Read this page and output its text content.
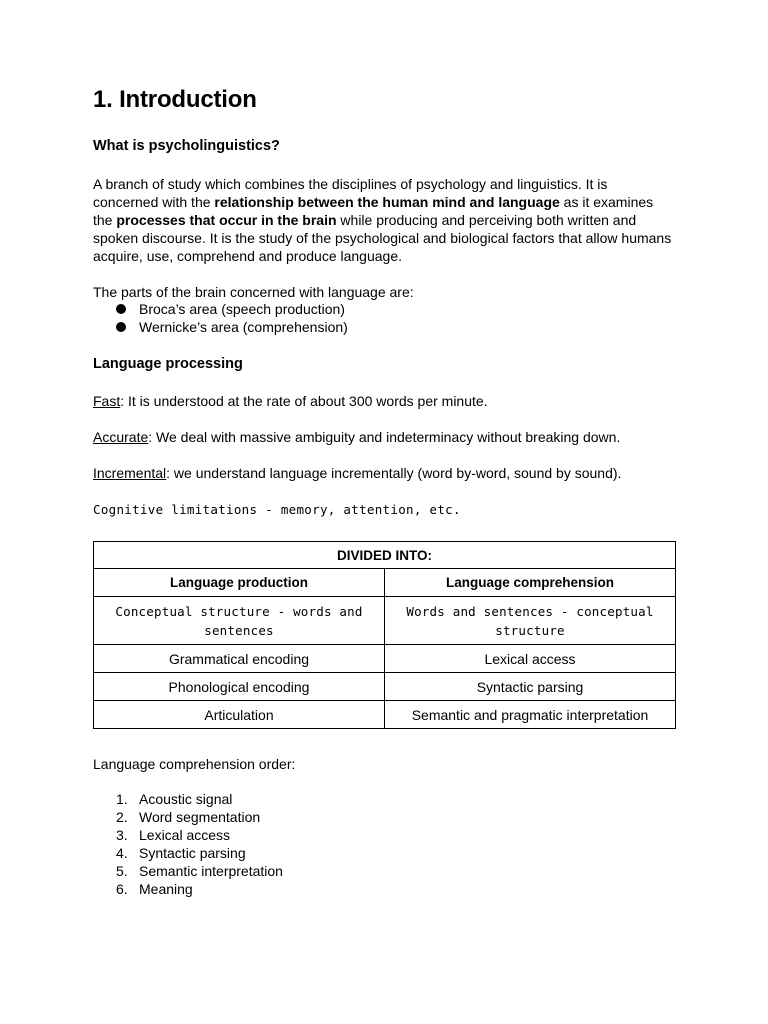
1. Introduction
What is psycholinguistics?

A branch of study which combines the disciplines of psychology and linguistics. It is concerned with the relationship between the human mind and language as it examines the processes that occur in the brain while producing and perceiving both written and spoken discourse. It is the study of the psychological and biological factors that allow humans acquire, use, comprehend and produce language.

The parts of the brain concerned with language are:

Broca’s area (speech production)
Wernicke’s area (comprehension)
Language processing

Fast: It is understood at the rate of about 300 words per minute.

Accurate: We deal with massive ambiguity and indeterminacy without breaking down.

Incremental: we understand language incrementally (word by-word, sound by sound).

Cognitive limitations - memory, attention, etc.

DIVIDED INTO:	
Language production	Language comprehension
Conceptual structure - words and sentences	Words and sentences - conceptual structure
Grammatical encoding	Lexical access
Phonological encoding	Syntactic parsing
Articulation	Semantic and pragmatic interpretation

Language comprehension order:

1. Acoustic signal
2. Word segmentation
3. Lexical access
4. Syntactic parsing
5. Semantic interpretation
6. Meaning
